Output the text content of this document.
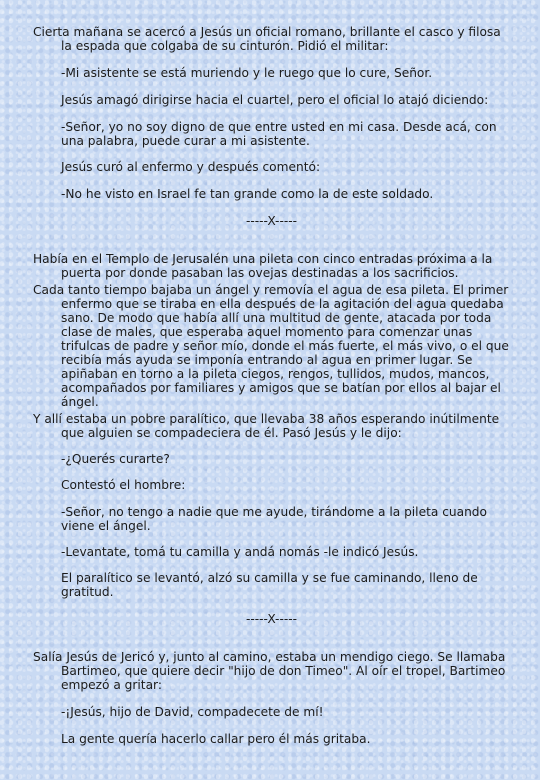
Cierta mañana se acercó a Jesús un oficial romano, brillante el casco y filosa la espada que colgaba de su cinturón. Pidió el militar:

-Mi asistente se está muriendo y le ruego que lo cure, Señor.

Jesús amagó dirigirse hacia el cuartel, pero el oficial lo atajó diciendo:

-Señor, yo no soy digno de que entre usted en mi casa. Desde acá, con una palabra, puede curar a mi asistente.

Jesús curó al enfermo y después comentó:

-No he visto en Israel fe tan grande como la de este soldado.

-----X-----

Había en el Templo de Jerusalén una pileta con cinco entradas próxima a la puerta por donde pasaban las ovejas destinadas a los sacrificios.

Cada tanto tiempo bajaba un ángel y removía el agua de esa pileta. El primer enfermo que se tiraba en ella después de la agitación del agua quedaba sano. De modo que había allí una multitud de gente, atacada por toda clase de males, que esperaba aquel momento para comenzar unas trifulcas de padre y señor mío, donde el más fuerte, el más vivo, o el que recibía más ayuda se imponía entrando al agua en primer lugar. Se apiñaban en torno a la pileta ciegos, rengos, tullidos, mudos, mancos, acompañados por familiares y amigos que se batían por ellos al bajar el ángel.

Y allí estaba un pobre paralítico, que llevaba 38 años esperando inútilmente que alguien se compadeciera de él. Pasó Jesús y le dijo:

-¿Querés curarte?

Contestó el hombre:

-Señor, no tengo a nadie que me ayude, tirándome a la pileta cuando viene el ángel.

-Levantate, tomá tu camilla y andá nomás -le indicó Jesús.

El paralítico se levantó, alzó su camilla y se fue caminando, lleno de gratitud.

-----X-----

Salía Jesús de Jericó y, junto al camino, estaba un mendigo ciego. Se llamaba Bartimeo, que quiere decir "hijo de don Timeo". Al oír el tropel, Bartimeo empezó a gritar:

-¡Jesús, hijo de David, compadecete de mí!

La gente quería hacerlo callar pero él más gritaba.
